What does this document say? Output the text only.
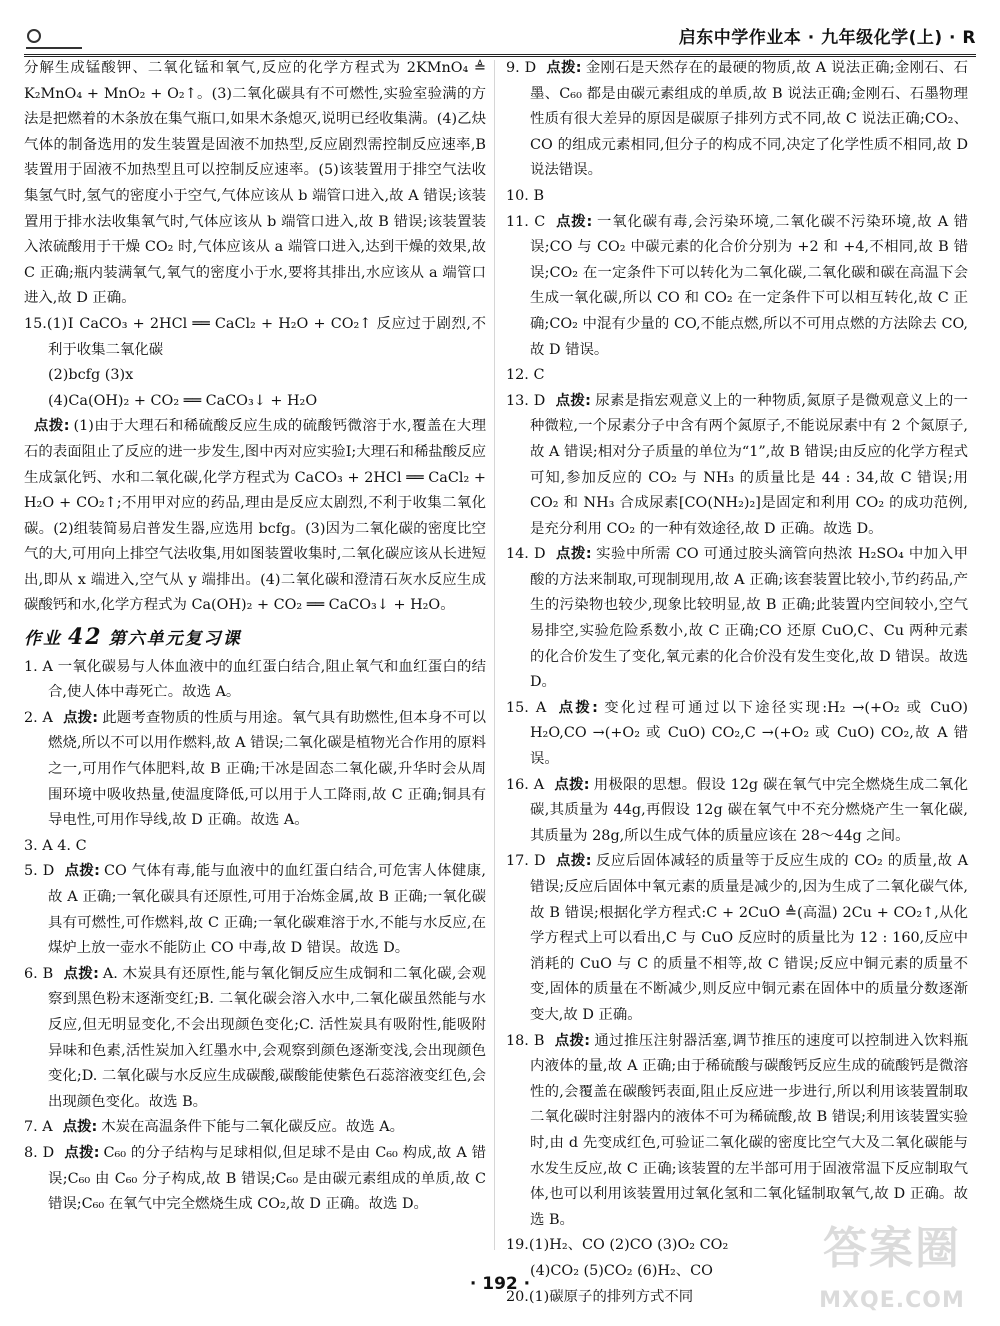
启东中学作业本 · 九年级化学(上) · R

分解生成锰酸钾、二氧化锰和氧气,反应的化学方程式为 2KMnO₄ ≜ K₂MnO₄ + MnO₂ + O₂↑。(3)二氧化碳具有不可燃性,实验室验满的方法是把燃着的木条放在集气瓶口,如果木条熄灭,说明已经收集满。(4)乙炔气体的制备选用的发生装置是固液不加热型,反应剧烈需控制反应速率,B 装置用于固液不加热型且可以控制反应速率。(5)该装置用于排空气法收集氢气时,氢气的密度小于空气,气体应该从 b 端管口进入,故 A 错误;该装置用于排水法收集氧气时,气体应该从 b 端管口进入,故 B 错误;该装置装入浓硫酸用于干燥 CO₂ 时,气体应该从 a 端管口进入,达到干燥的效果,故 C 正确;瓶内装满氧气,氧气的密度小于水,要将其排出,水应该从 a 端管口进入,故 D 正确。

15.(1)Ⅰ CaCO₃ + 2HCl ══ CaCl₂ + H₂O + CO₂↑ 反应过于剧烈,不利于收集二氧化碳

(2)bcfg (3)x

(4)Ca(OH)₂ + CO₂ ══ CaCO₃↓ + H₂O

点拨: (1)由于大理石和稀硫酸反应生成的硫酸钙微溶于水,覆盖在大理石的表面阻止了反应的进一步发生,图中丙对应实验Ⅰ;大理石和稀盐酸反应生成氯化钙、水和二氧化碳,化学方程式为 CaCO₃ + 2HCl ══ CaCl₂ + H₂O + CO₂↑;不用甲对应的药品,理由是反应太剧烈,不利于收集二氧化碳。(2)组装简易启普发生器,应选用 bcfg。(3)因为二氧化碳的密度比空气的大,可用向上排空气法收集,用如图装置收集时,二氧化碳应该从长进短出,即从 x 端进入,空气从 y 端排出。(4)二氧化碳和澄清石灰水反应生成碳酸钙和水,化学方程式为 Ca(OH)₂ + CO₂ ══ CaCO₃↓ + H₂O。

作业 42 第六单元复习课

1. A 一氧化碳易与人体血液中的血红蛋白结合,阻止氧气和血红蛋白的结合,使人体中毒死亡。故选 A。

2. A 点拨: 此题考查物质的性质与用途。氧气具有助燃性,但本身不可以燃烧,所以不可以用作燃料,故 A 错误;二氧化碳是植物光合作用的原料之一,可用作气体肥料,故 B 正确;干冰是固态二氧化碳,升华时会从周围环境中吸收热量,使温度降低,可以用于人工降雨,故 C 正确;铜具有导电性,可用作导线,故 D 正确。故选 A。

3. A 4. C

5. D 点拨: CO 气体有毒,能与血液中的血红蛋白结合,可危害人体健康,故 A 正确;一氧化碳具有还原性,可用于冶炼金属,故 B 正确;一氧化碳具有可燃性,可作燃料,故 C 正确;一氧化碳难溶于水,不能与水反应,在煤炉上放一壶水不能防止 CO 中毒,故 D 错误。故选 D。

6. B 点拨: A. 木炭具有还原性,能与氧化铜反应生成铜和二氧化碳,会观察到黑色粉末逐渐变红;B. 二氧化碳会溶入水中,二氧化碳虽然能与水反应,但无明显变化,不会出现颜色变化;C. 活性炭具有吸附性,能吸附异味和色素,活性炭加入红墨水中,会观察到颜色逐渐变浅,会出现颜色变化;D. 二氧化碳与水反应生成碳酸,碳酸能使紫色石蕊溶液变红色,会出现颜色变化。故选 B。

7. A 点拨: 木炭在高温条件下能与二氧化碳反应。故选 A。

8. D 点拨: C₆₀ 的分子结构与足球相似,但足球不是由 C₆₀ 构成,故 A 错误;C₆₀ 由 C₆₀ 分子构成,故 B 错误;C₆₀ 是由碳元素组成的单质,故 C 错误;C₆₀ 在氧气中完全燃烧生成 CO₂,故 D 正确。故选 D。

9. D 点拨: 金刚石是天然存在的最硬的物质,故 A 说法正确;金刚石、石墨、C₆₀ 都是由碳元素组成的单质,故 B 说法正确;金刚石、石墨物理性质有很大差异的原因是碳原子排列方式不同,故 C 说法正确;CO₂、CO 的组成元素相同,但分子的构成不同,决定了化学性质不相同,故 D 说法错误。

10. B

11. C 点拨: 一氧化碳有毒,会污染环境,二氧化碳不污染环境,故 A 错误;CO 与 CO₂ 中碳元素的化合价分别为 +2 和 +4,不相同,故 B 错误;CO₂ 在一定条件下可以转化为二氧化碳,二氧化碳和碳在高温下会生成一氧化碳,所以 CO 和 CO₂ 在一定条件下可以相互转化,故 C 正确;CO₂ 中混有少量的 CO,不能点燃,所以不可用点燃的方法除去 CO,故 D 错误。

12. C

13. D 点拨: 尿素是指宏观意义上的一种物质,氮原子是微观意义上的一种微粒,一个尿素分子中含有两个氮原子,不能说尿素中有 2 个氮原子,故 A 错误;相对分子质量的单位为“1”,故 B 错误;由反应的化学方程式可知,参加反应的 CO₂ 与 NH₃ 的质量比是 44 : 34,故 C 错误;用 CO₂ 和 NH₃ 合成尿素[CO(NH₂)₂]是固定和利用 CO₂ 的成功范例,是充分利用 CO₂ 的一种有效途径,故 D 正确。故选 D。

14. D 点拨: 实验中所需 CO 可通过胶头滴管向热浓 H₂SO₄ 中加入甲酸的方法来制取,可现制现用,故 A 正确;该套装置比较小,节约药品,产生的污染物也较少,现象比较明显,故 B 正确;此装置内空间较小,空气易排空,实验危险系数小,故 C 正确;CO 还原 CuO,C、Cu 两种元素的化合价发生了变化,氧元素的化合价没有发生变化,故 D 错误。故选 D。

15. A 点拨: 变化过程可通过以下途径实现:H₂ →(+O₂ 或 CuO) H₂O,CO →(+O₂ 或 CuO) CO₂,C →(+O₂ 或 CuO) CO₂,故 A 错误。

16. A 点拨: 用极限的思想。假设 12g 碳在氧气中完全燃烧生成二氧化碳,其质量为 44g,再假设 12g 碳在氧气中不充分燃烧产生一氧化碳,其质量为 28g,所以生成气体的质量应该在 28～44g 之间。

17. D 点拨: 反应后固体减轻的质量等于反应生成的 CO₂ 的质量,故 A 错误;反应后固体中氧元素的质量是减少的,因为生成了二氧化碳气体,故 B 错误;根据化学方程式:C + 2CuO ≜(高温) 2Cu + CO₂↑,从化学方程式上可以看出,C 与 CuO 反应时的质量比为 12 : 160,反应中消耗的 CuO 与 C 的质量不相等,故 C 错误;反应中铜元素的质量不变,固体的质量在不断减少,则反应中铜元素在固体中的质量分数逐渐变大,故 D 正确。

18. B 点拨: 通过推压注射器活塞,调节推压的速度可以控制进入饮料瓶内液体的量,故 A 正确;由于稀硫酸与碳酸钙反应生成的硫酸钙是微溶性的,会覆盖在碳酸钙表面,阻止反应进一步进行,所以利用该装置制取二氧化碳时注射器内的液体不可为稀硫酸,故 B 错误;利用该装置实验时,由 d 先变成红色,可验证二氧化碳的密度比空气大及二氧化碳能与水发生反应,故 C 正确;该装置的左半部可用于固液常温下反应制取气体,也可以利用该装置用过氧化氢和二氧化锰制取氧气,故 D 正确。故选 B。

19.(1)H₂、CO (2)CO (3)O₂ CO₂

(4)CO₂ (5)CO₂ (6)H₂、CO

20.(1)碳原子的排列方式不同

· 192 ·
答案圈
MXQE.COM
